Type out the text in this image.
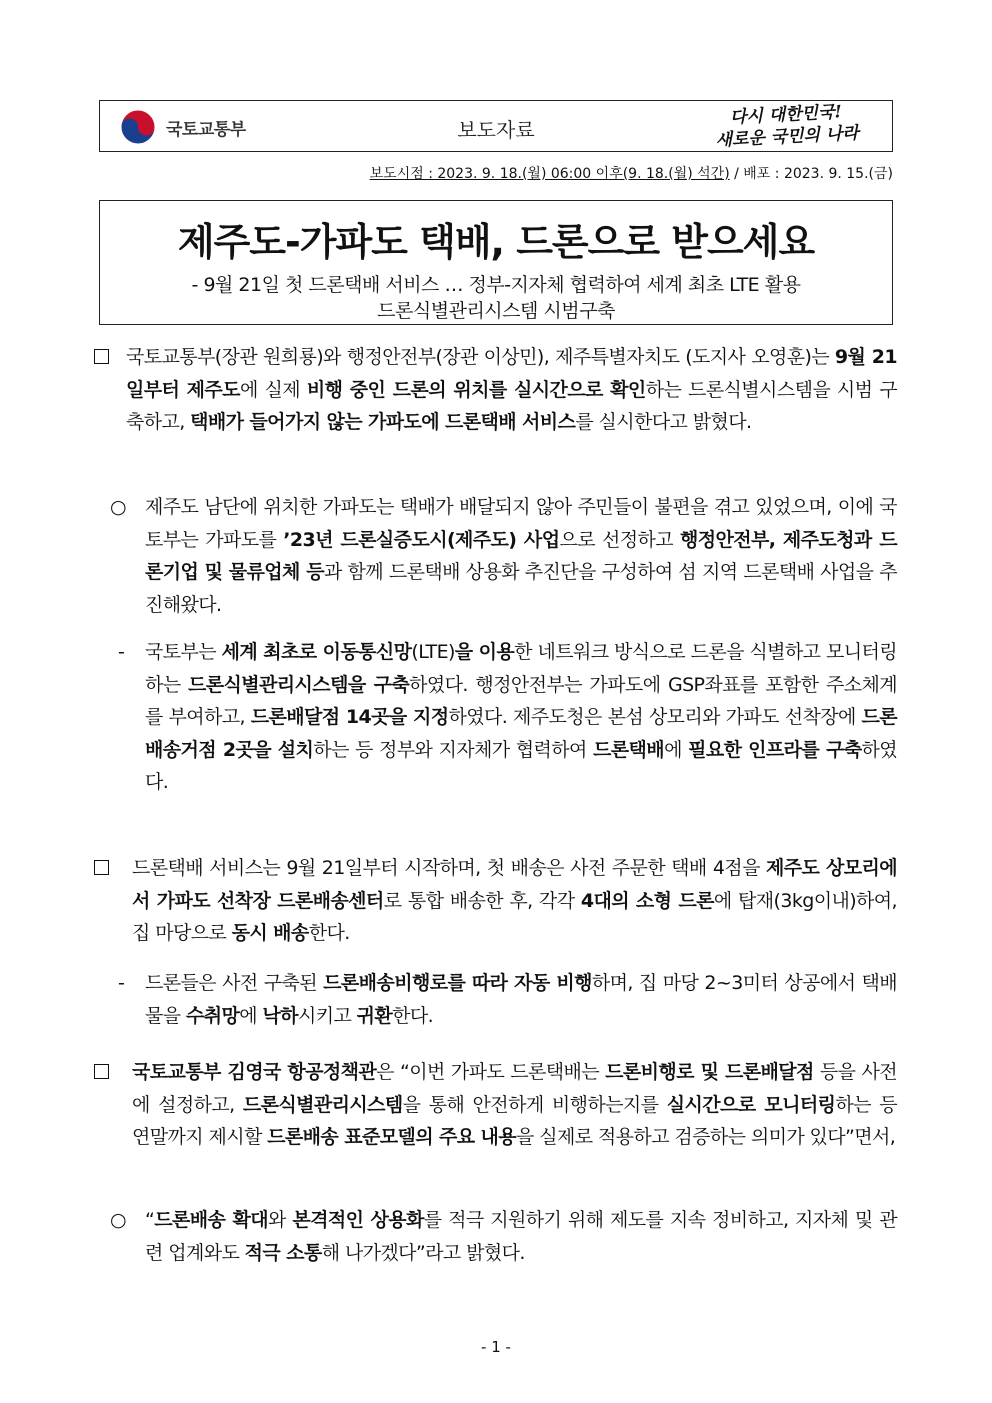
국토교통부	보도자료
다시 대한민국!
새로운 국민의 나라
보도시점 : 2023. 9. 18.(월) 06:00 이후(9. 18.(월) 석간) / 배포 : 2023. 9. 15.(금)
제주도-가파도 택배, 드론으로 받으세요
- 9월 21일 첫 드론택배 서비스 … 정부-지자체 협력하여 세계 최초 LTE 활용
드론식별관리시스템 시범구축
국토교통부(장관 원희룡)와 행정안전부(장관 이상민), 제주특별자치도 (도지사 오영훈)는 9월 21일부터 제주도에 실제 비행 중인 드론의 위치를 실시간으로 확인하는 드론식별시스템을 시범 구축하고, 택배가 들어가지 않는 가파도에 드론택배 서비스를 실시한다고 밝혔다.
○ 제주도 남단에 위치한 가파도는 택배가 배달되지 않아 주민들이 불편을 겪고 있었으며, 이에 국토부는 가파도를 ’23년 드론실증도시(제주도) 사업으로 선정하고 행정안전부, 제주도청과 드론기업 및 물류업체 등과 함께 드론택배 상용화 추진단을 구성하여 섬 지역 드론택배 사업을 추진해왔다.
- 국토부는 세계 최초로 이동통신망(LTE)을 이용한 네트워크 방식으로 드론을 식별하고 모니터링하는 드론식별관리시스템을 구축하였다. 행정안전부는 가파도에 GSP좌표를 포함한 주소체계를 부여하고, 드론배달점 14곳을 지정하였다. 제주도청은 본섬 상모리와 가파도 선착장에 드론배송거점 2곳을 설치하는 등 정부와 지자체가 협력하여 드론택배에 필요한 인프라를 구축하였다.
드론택배 서비스는 9월 21일부터 시작하며, 첫 배송은 사전 주문한 택배 4점을 제주도 상모리에서 가파도 선착장 드론배송센터로 통합 배송한 후, 각각 4대의 소형 드론에 탑재(3kg이내)하여, 집 마당으로 동시 배송한다.
- 드론들은 사전 구축된 드론배송비행로를 따라 자동 비행하며, 집 마당 2~3미터 상공에서 택배물을 수취망에 낙하시키고 귀환한다.
국토교통부 김영국 항공정책관은 “이번 가파도 드론택배는 드론비행로 및 드론배달점 등을 사전에 설정하고, 드론식별관리시스템을 통해 안전하게 비행하는지를 실시간으로 모니터링하는 등 연말까지 제시할 드론배송 표준모델의 주요 내용을 실제로 적용하고 검증하는 의미가 있다”면서,
○ “드론배송 확대와 본격적인 상용화를 적극 지원하기 위해 제도를 지속 정비하고, 지자체 및 관련 업계와도 적극 소통해 나가겠다”라고 밝혔다.
- 1 -
